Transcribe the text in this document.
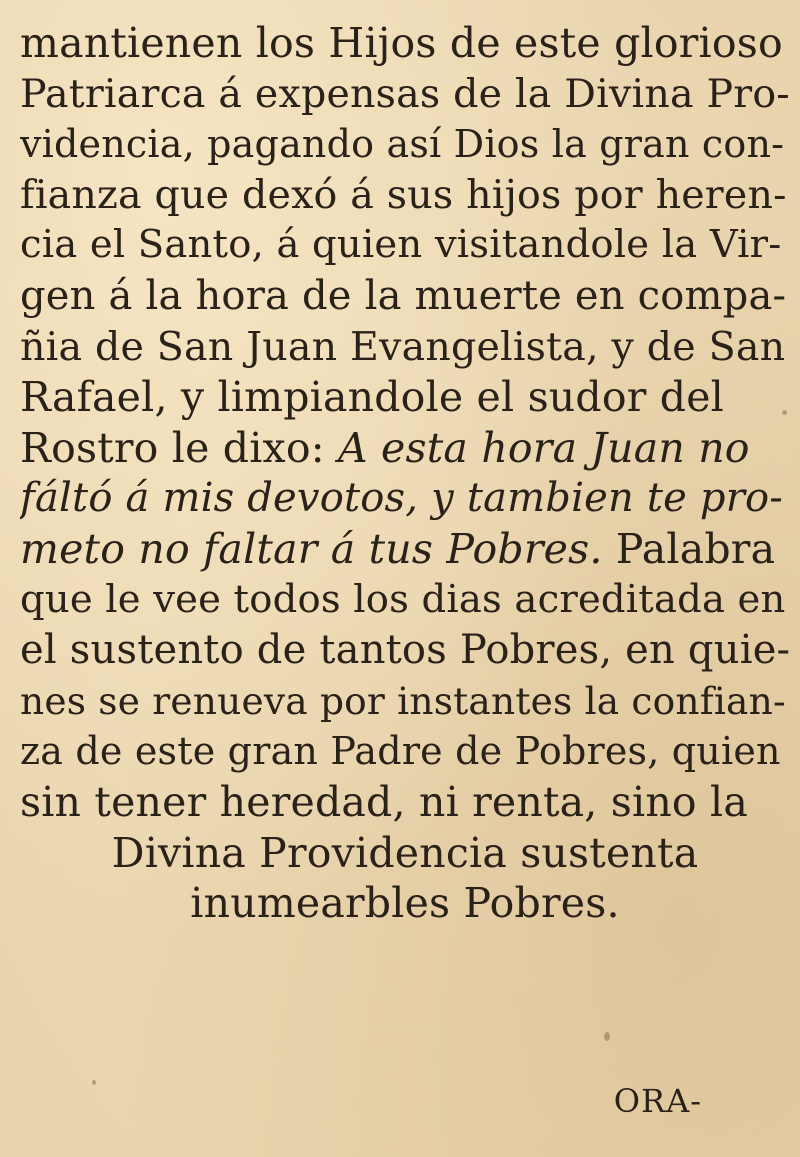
mantienen los Hijos de este glorioso
Patriarca á expensas de la Divina Pro-
videncia, pagando así Dios la gran con-
fianza que dexó á sus hijos por heren-
cia el Santo, á quien visitandole la Vir-
gen á la hora de la muerte en compa-
ñia de San Juan Evangelista, y de San
Rafael, y limpiandole el sudor del
Rostro le dixo: A esta hora Juan no
fáltó á mis devotos, y tambien te pro-
meto no faltar á tus Pobres. Palabra
que le vee todos los dias acreditada en
el sustento de tantos Pobres, en quie-
nes se renueva por instantes la confian-
za de este gran Padre de Pobres, quien
sin tener heredad, ni renta, sino la
Divina Providencia sustenta
inumearbles Pobres.
ORA-
